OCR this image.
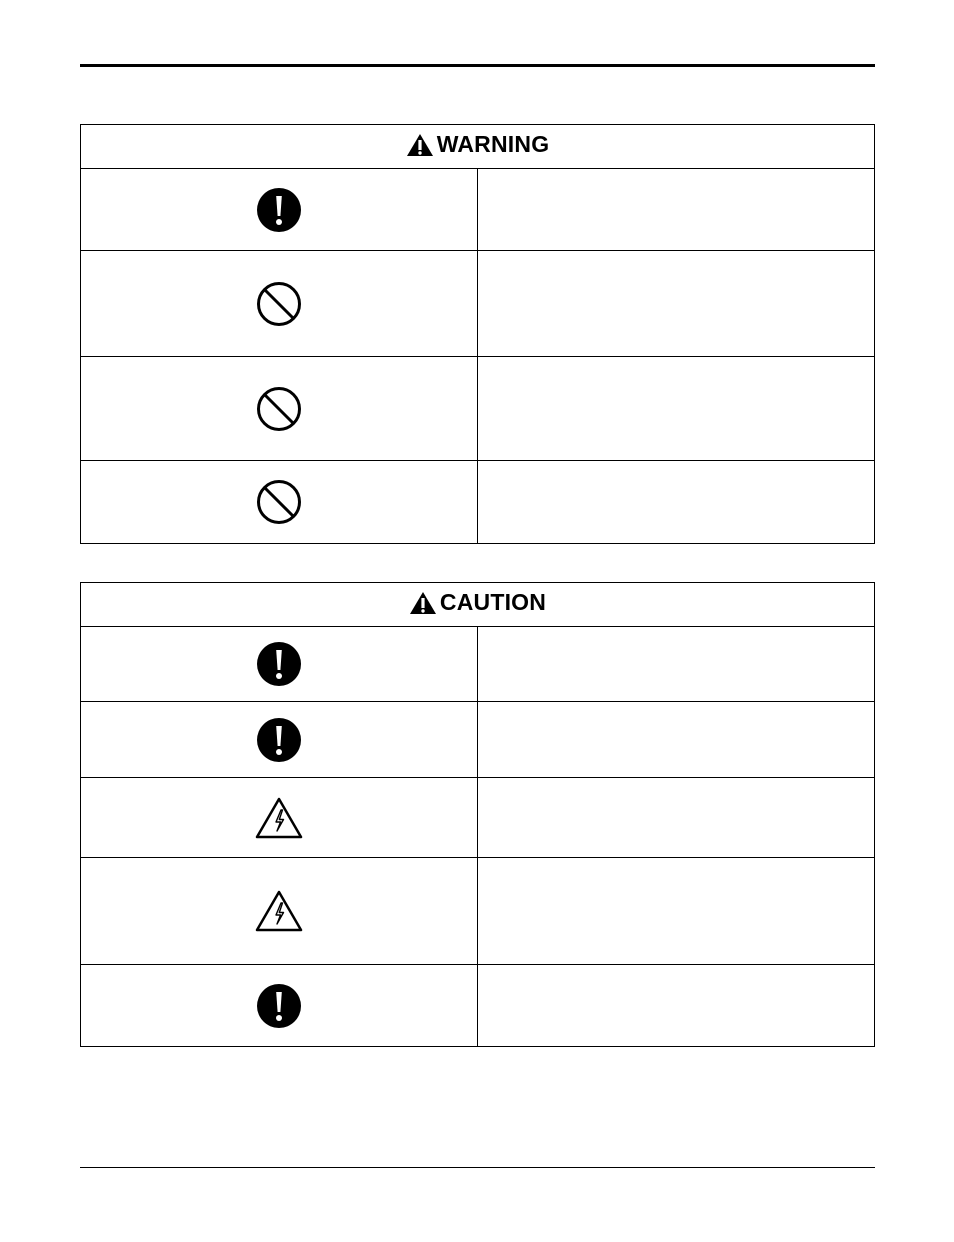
WARNING	

CAUTION	
